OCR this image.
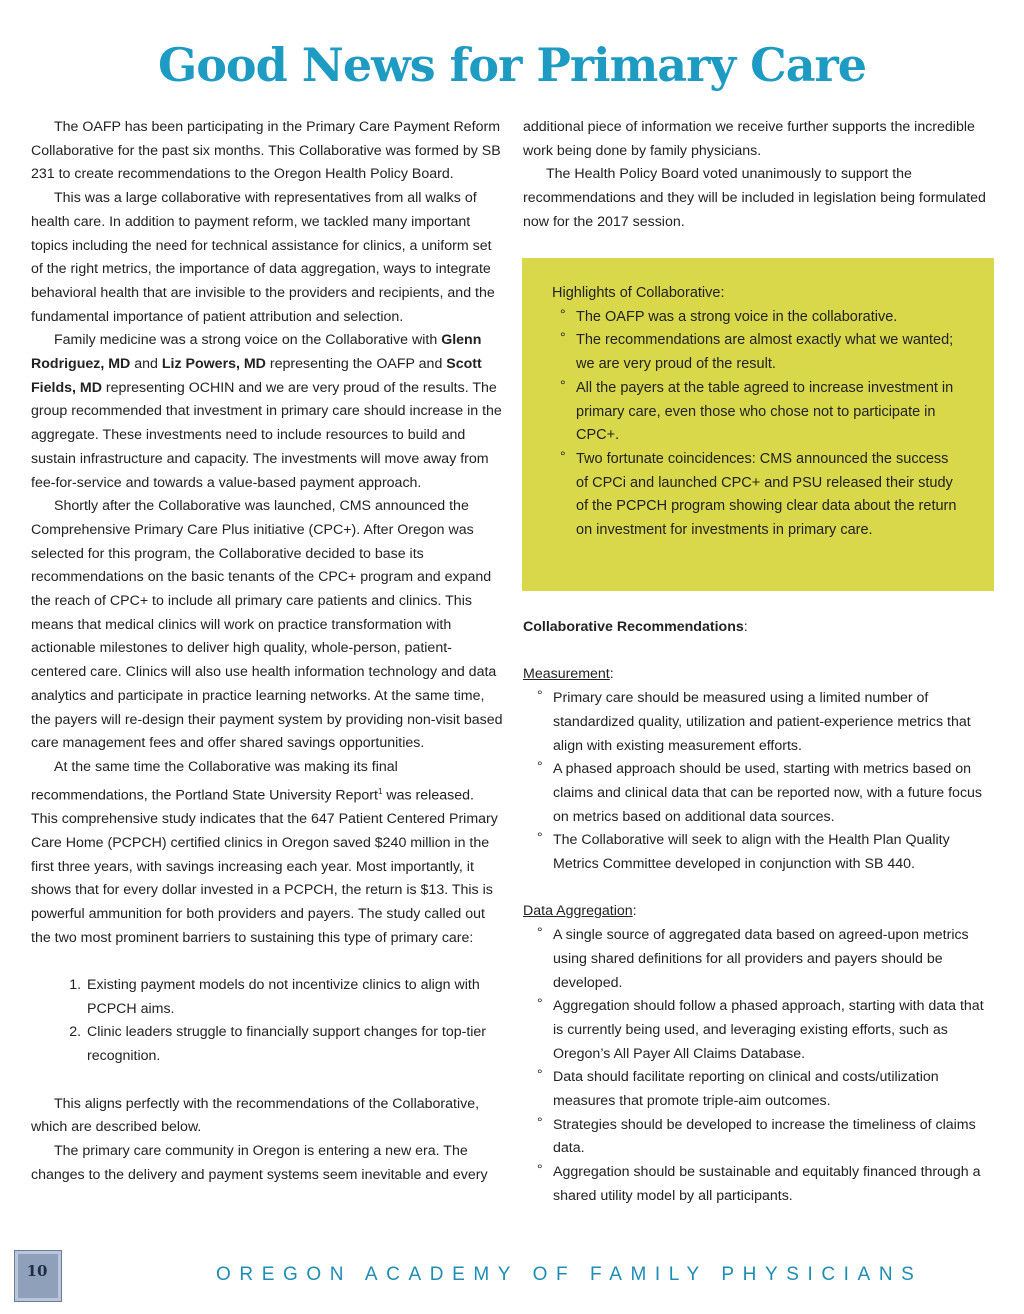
Good News for Primary Care

The OAFP has been participating in the Primary Care Payment Reform Collaborative for the past six months. This Collaborative was formed by SB 231 to create recommendations to the Oregon Health Policy Board.

This was a large collaborative with representatives from all walks of health care. In addition to payment reform, we tackled many important topics including the need for technical assistance for clinics, a uniform set of the right metrics, the importance of data aggregation, ways to integrate behavioral health that are invisible to the providers and recipients, and the fundamental importance of patient attribution and selection.

Family medicine was a strong voice on the Collaborative with Glenn Rodriguez, MD and Liz Powers, MD representing the OAFP and Scott Fields, MD representing OCHIN and we are very proud of the results. The group recommended that investment in primary care should increase in the aggregate. These investments need to include resources to build and sustain infrastructure and capacity. The investments will move away from fee-for-service and towards a value-based payment approach.

Shortly after the Collaborative was launched, CMS announced the Comprehensive Primary Care Plus initiative (CPC+). After Oregon was selected for this program, the Collaborative decided to base its recommendations on the basic tenants of the CPC+ program and expand the reach of CPC+ to include all primary care patients and clinics. This means that medical clinics will work on practice transformation with actionable milestones to deliver high quality, whole-person, patient-centered care. Clinics will also use health information technology and data analytics and participate in practice learning networks. At the same time, the payers will re-design their payment system by providing non-visit based care management fees and offer shared savings opportunities.

At the same time the Collaborative was making its final recommendations, the Portland State University Report$^1$ was released. This comprehensive study indicates that the 647 Patient Centered Primary Care Home (PCPCH) certified clinics in Oregon saved $240 million in the first three years, with savings increasing each year. Most importantly, it shows that for every dollar invested in a PCPCH, the return is $13. This is powerful ammunition for both providers and payers. The study called out the two most prominent barriers to sustaining this type of primary care:

1. Existing payment models do not incentivize clinics to align with PCPCH aims.
2. Clinic leaders struggle to financially support changes for top-tier recognition.

This aligns perfectly with the recommendations of the Collaborative, which are described below.

The primary care community in Oregon is entering a new era. The changes to the delivery and payment systems seem inevitable and every

additional piece of information we receive further supports the incredible work being done by family physicians.

The Health Policy Board voted unanimously to support the recommendations and they will be included in legislation being formulated now for the 2017 session.

Highlights of Collaborative:
° The OAFP was a strong voice in the collaborative.
° The recommendations are almost exactly what we wanted; we are very proud of the result.
° All the payers at the table agreed to increase investment in primary care, even those who chose not to participate in CPC+.
° Two fortunate coincidences: CMS announced the success of CPCi and launched CPC+ and PSU released their study of the PCPCH program showing clear data about the return on investment for investments in primary care.
Collaborative Recommendations:
Measurement:
° Primary care should be measured using a limited number of standardized quality, utilization and patient-experience metrics that align with existing measurement efforts.
° A phased approach should be used, starting with metrics based on claims and clinical data that can be reported now, with a future focus on metrics based on additional data sources.
° The Collaborative will seek to align with the Health Plan Quality Metrics Committee developed in conjunction with SB 440.
Data Aggregation:
° A single source of aggregated data based on agreed-upon metrics using shared definitions for all providers and payers should be developed.
° Aggregation should follow a phased approach, starting with data that is currently being used, and leveraging existing efforts, such as Oregon’s All Payer All Claims Database.
° Data should facilitate reporting on clinical and costs/utilization measures that promote triple-aim outcomes.
° Strategies should be developed to increase the timeliness of claims data.
° Aggregation should be sustainable and equitably financed through a shared utility model by all participants.
10	OREGON ACADEMY OF FAMILY PHYSICIANS
